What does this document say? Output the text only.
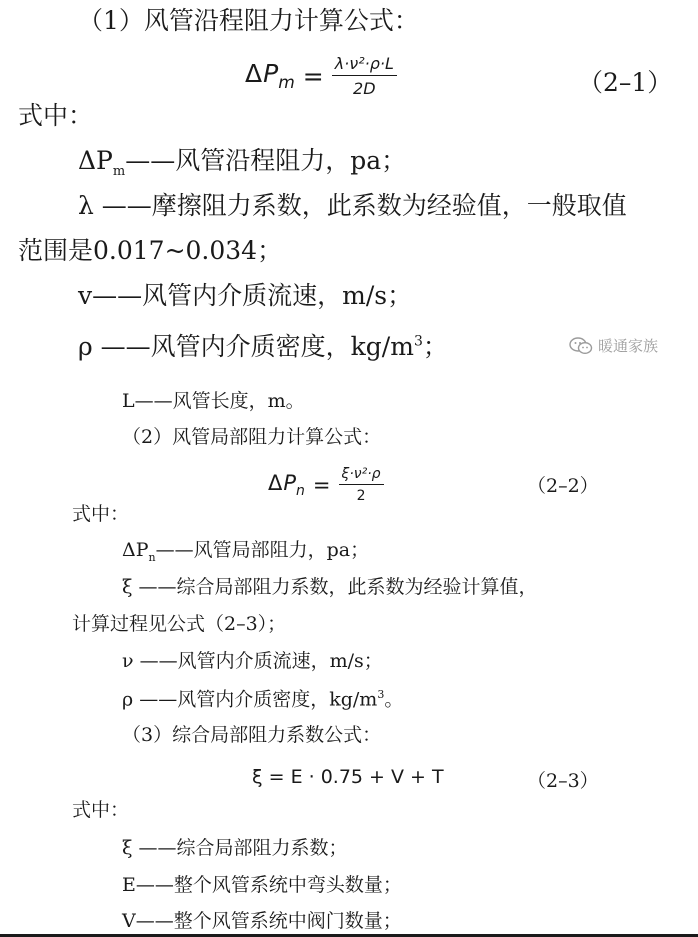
（1）风管沿程阻力计算公式：
$\Delta P_m = \frac{\text{λ·ν²·ρ·L}}{2D}$	（2–1）
式中：
$\Delta P_m——$风管沿程阻力，pa；
λ ——摩擦阻力系数，此系数为经验值，一般取值
范围是0.017~0.034；
v——风管内介质流速，m/s；
ρ ——风管内介质密度，$kg/m^3$；	暖通家族
L——风管长度，m。
（2）风管局部阻力计算公式：
$\Delta P_n = \frac{\text{ξ·ν²·ρ}}{2}$	（2–2）
式中：
$\Delta P_n——$风管局部阻力，pa；
ξ ——综合局部阻力系数，此系数为经验计算值，
计算过程见公式（2–3）；
ν ——风管内介质流速，m/s；
ρ ——风管内介质密度，$kg/m^3$。
（3）综合局部阻力系数公式：
ξ = E · 0.75 + V + T	（2–3）
式中：
ξ ——综合局部阻力系数；
E——整个风管系统中弯头数量；
V——整个风管系统中阀门数量；
